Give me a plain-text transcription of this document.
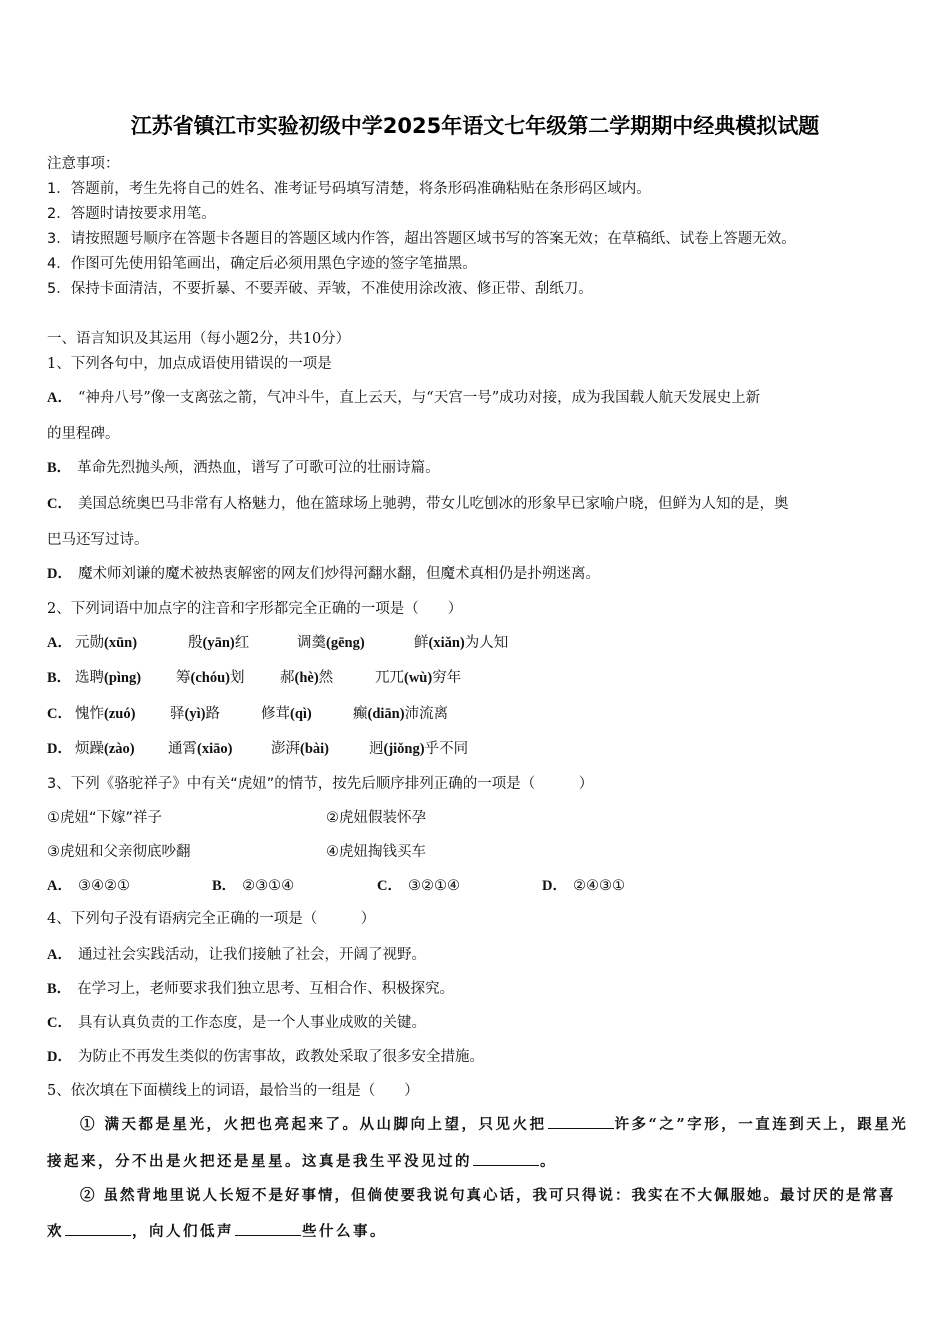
江苏省镇江市实验初级中学2025年语文七年级第二学期期中经典模拟试题
注意事项：
1．答题前，考生先将自己的姓名、准考证号码填写清楚，将条形码准确粘贴在条形码区域内。
2．答题时请按要求用笔。
3．请按照题号顺序在答题卡各题目的答题区域内作答，超出答题区域书写的答案无效；在草稿纸、试卷上答题无效。
4．作图可先使用铅笔画出，确定后必须用黑色字迹的签字笔描黑。
5．保持卡面清洁，不要折暴、不要弄破、弄皱，不准使用涂改液、修正带、刮纸刀。
一、语言知识及其运用（每小题2分，共10分）
1、下列各句中，加点成语使用错误的一项是
A． “神舟八号”像一支离弦之箭，气冲斗牛，直上云天，与“天宫一号”成功对接，成为我国载人航天发展史上新
的里程碑。
B． 革命先烈抛头颅，洒热血，谱写了可歌可泣的壮丽诗篇。
C． 美国总统奥巴马非常有人格魅力，他在篮球场上驰骋，带女儿吃刨冰的形象早已家喻户晓，但鲜为人知的是，奥
巴马还写过诗。
D． 魔术师刘谦的魔术被热衷解密的网友们炒得河翻水翻，但魔术真相仍是扑朔迷离。
2、下列词语中加点字的注音和字形都完全正确的一项是（　　）
A． 元勋(xūn)	殷(yān)红	调羹(gēng)	鲜(xiǎn)为人知
B． 选聘(pìng) 筹(chóu)划 郝(hè)然	兀兀(wù)穷年
C． 愧怍(zuó) 驿(yì)路	修茸(qì)	癫(diān)沛流离
D． 烦躁(zào) 通霄(xiāo)	澎湃(bài)	迥(jiǒng)乎不同
3、下列《骆驼祥子》中有关“虎妞”的情节，按先后顺序排列正确的一项是（　　　）
①虎妞“下嫁”祥子	②虎妞假装怀孕
③虎妞和父亲彻底吵翻	④虎妞掏钱买车
A． ③④②①	B． ②③①④	C． ③②①④	D． ②④③①
4、下列句子没有语病完全正确的一项是（　　　）
A． 通过社会实践活动，让我们接触了社会，开阔了视野。
B． 在学习上，老师要求我们独立思考、互相合作、积极探究。
C． 具有认真负责的工作态度，是一个人事业成败的关键。
D． 为防止不再发生类似的伤害事故，政教处采取了很多安全措施。
5、依次填在下面横线上的词语，最恰当的一组是（　　）
① 满天都是星光，火把也亮起来了。从山脚向上望，只见火把	许多“之”字形，一直连到天上，跟星光
接起来，分不出是火把还是星星。这真是我生平没见过的	。
② 虽然背地里说人长短不是好事情，但倘使要我说句真心话，我可只得说：我实在不大佩服她。最讨厌的是常喜
欢	，向人们低声	些什么事。
